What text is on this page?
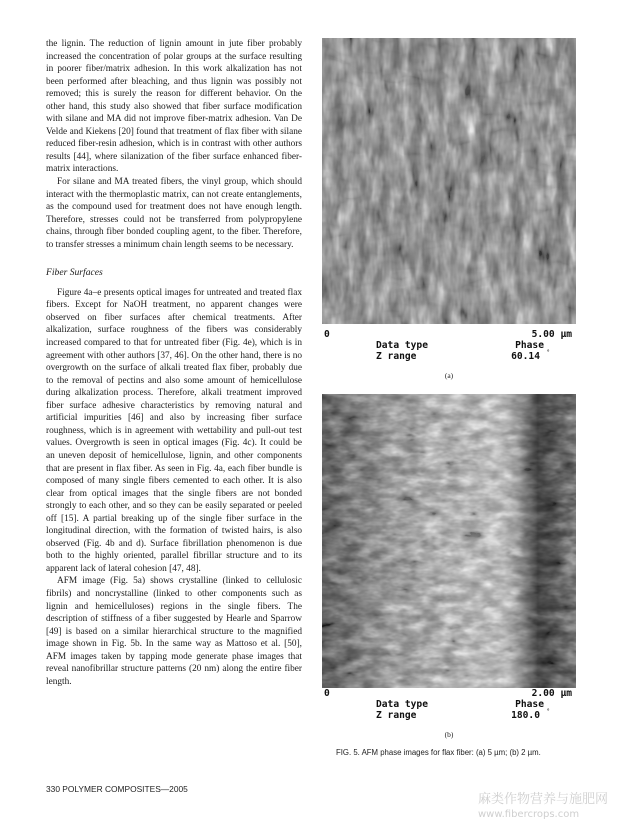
the lignin. The reduction of lignin amount in jute fiber probably increased the concentration of polar groups at the surface resulting in poorer fiber/matrix adhesion. In this work alkalization has not been performed after bleaching, and thus lignin was possibly not removed; this is surely the reason for different behavior. On the other hand, this study also showed that fiber surface modification with silane and MA did not improve fiber-matrix adhesion. Van De Velde and Kiekens [20] found that treatment of flax fiber with silane reduced fiber-resin adhesion, which is in contrast with other authors results [44], where silanization of the fiber surface enhanced fiber-matrix interactions.

For silane and MA treated fibers, the vinyl group, which should interact with the thermoplastic matrix, can not create entanglements, as the compound used for treatment does not have enough length. Therefore, stresses could not be transferred from polypropylene chains, through fiber bonded coupling agent, to the fiber. Therefore, to transfer stresses a minimum chain length seems to be necessary.

Fiber Surfaces

Figure 4a–e presents optical images for untreated and treated flax fibers. Except for NaOH treatment, no apparent changes were observed on fiber surfaces after chemical treatments. After alkalization, surface roughness of the fibers was considerably increased compared to that for untreated fiber (Fig. 4e), which is in agreement with other authors [37, 46]. On the other hand, there is no overgrowth on the surface of alkali treated flax fiber, probably due to the removal of pectins and also some amount of hemicellulose during alkalization process. Therefore, alkali treatment improved fiber surface adhesive characteristics by removing natural and artificial impurities [46] and also by increasing fiber surface roughness, which is in agreement with wettability and pull-out test values. Overgrowth is seen in optical images (Fig. 4c). It could be an uneven deposit of hemicellulose, lignin, and other components that are present in flax fiber. As seen in Fig. 4a, each fiber bundle is composed of many single fibers cemented to each other. It is also clear from optical images that the single fibers are not bonded strongly to each other, and so they can be easily separated or peeled off [15]. A partial breaking up of the single fiber surface in the longitudinal direction, with the formation of twisted hairs, is also observed (Fig. 4b and d). Surface fibrillation phenomenon is due both to the highly oriented, parallel fibrillar structure and to its apparent lack of lateral cohesion [47, 48].

AFM image (Fig. 5a) shows crystalline (linked to cellulosic fibrils) and noncrystalline (linked to other components such as lignin and hemicelluloses) regions in the single fibers. The description of stiffness of a fiber suggested by Hearle and Sparrow [49] is based on a similar hierarchical structure to the magnified image shown in Fig. 5b. In the same way as Mattoso et al. [50], AFM images taken by tapping mode generate phase images that reveal nanofibrillar structure patterns (20 nm) along the entire fiber length.

0	5.00 µm
Data type	Phase
Z range	60.14 °
(a)
0	2.00 µm
Data type	Phase
Z range	180.0 °
(b)
FIG. 5. AFM phase images for flax fiber: (a) 5 µm; (b) 2 µm.
330 POLYMER COMPOSITES—2005
麻类作物营养与施肥网
www.fibercrops.com
